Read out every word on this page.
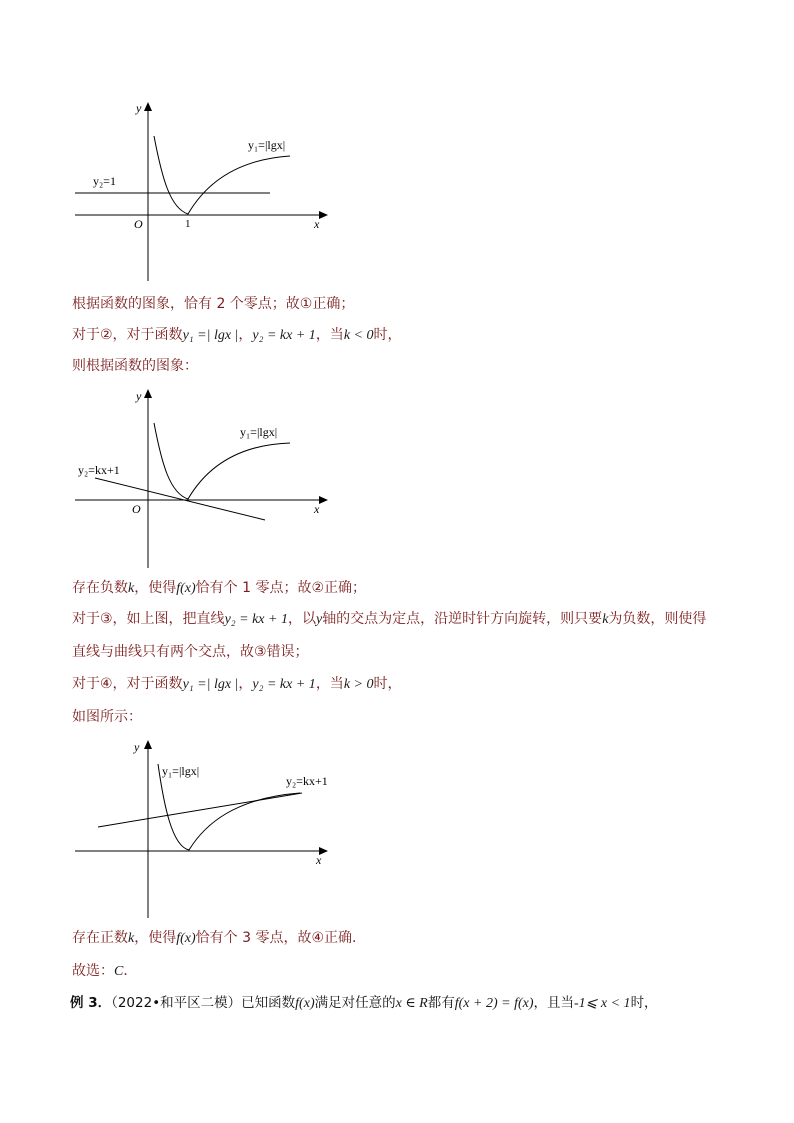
x
y
O	1
y₁=|lgx|
y₂=1
根据函数的图象，恰有 2 个零点；故①正确；
对于②，对于函数y₁ =| lgx |，y₂ = kx + 1，当k < 0时，
则根据函数的图象：
x
y
O
y₁=|lgx|
y₂=kx+1
存在负数k，使得f(x)恰有个 1 零点；故②正确；
对于③，如上图，把直线y₂ = kx + 1，以y轴的交点为定点，沿逆时针方向旋转，则只要k为负数，则使得
直线与曲线只有两个交点，故③错误；
对于④，对于函数y₁ =| lgx |，y₂ = kx + 1，当k > 0时，
如图所示：
x
y
y₁=|lgx|
y₂=kx+1
存在正数k，使得f(x)恰有个 3 零点，故④正确.
故选：C．
例 3．（2022•和平区二模）已知函数f(x)满足对任意的x ∈ R都有f(x + 2) = f(x)，且当-1⩽ x < 1时，
